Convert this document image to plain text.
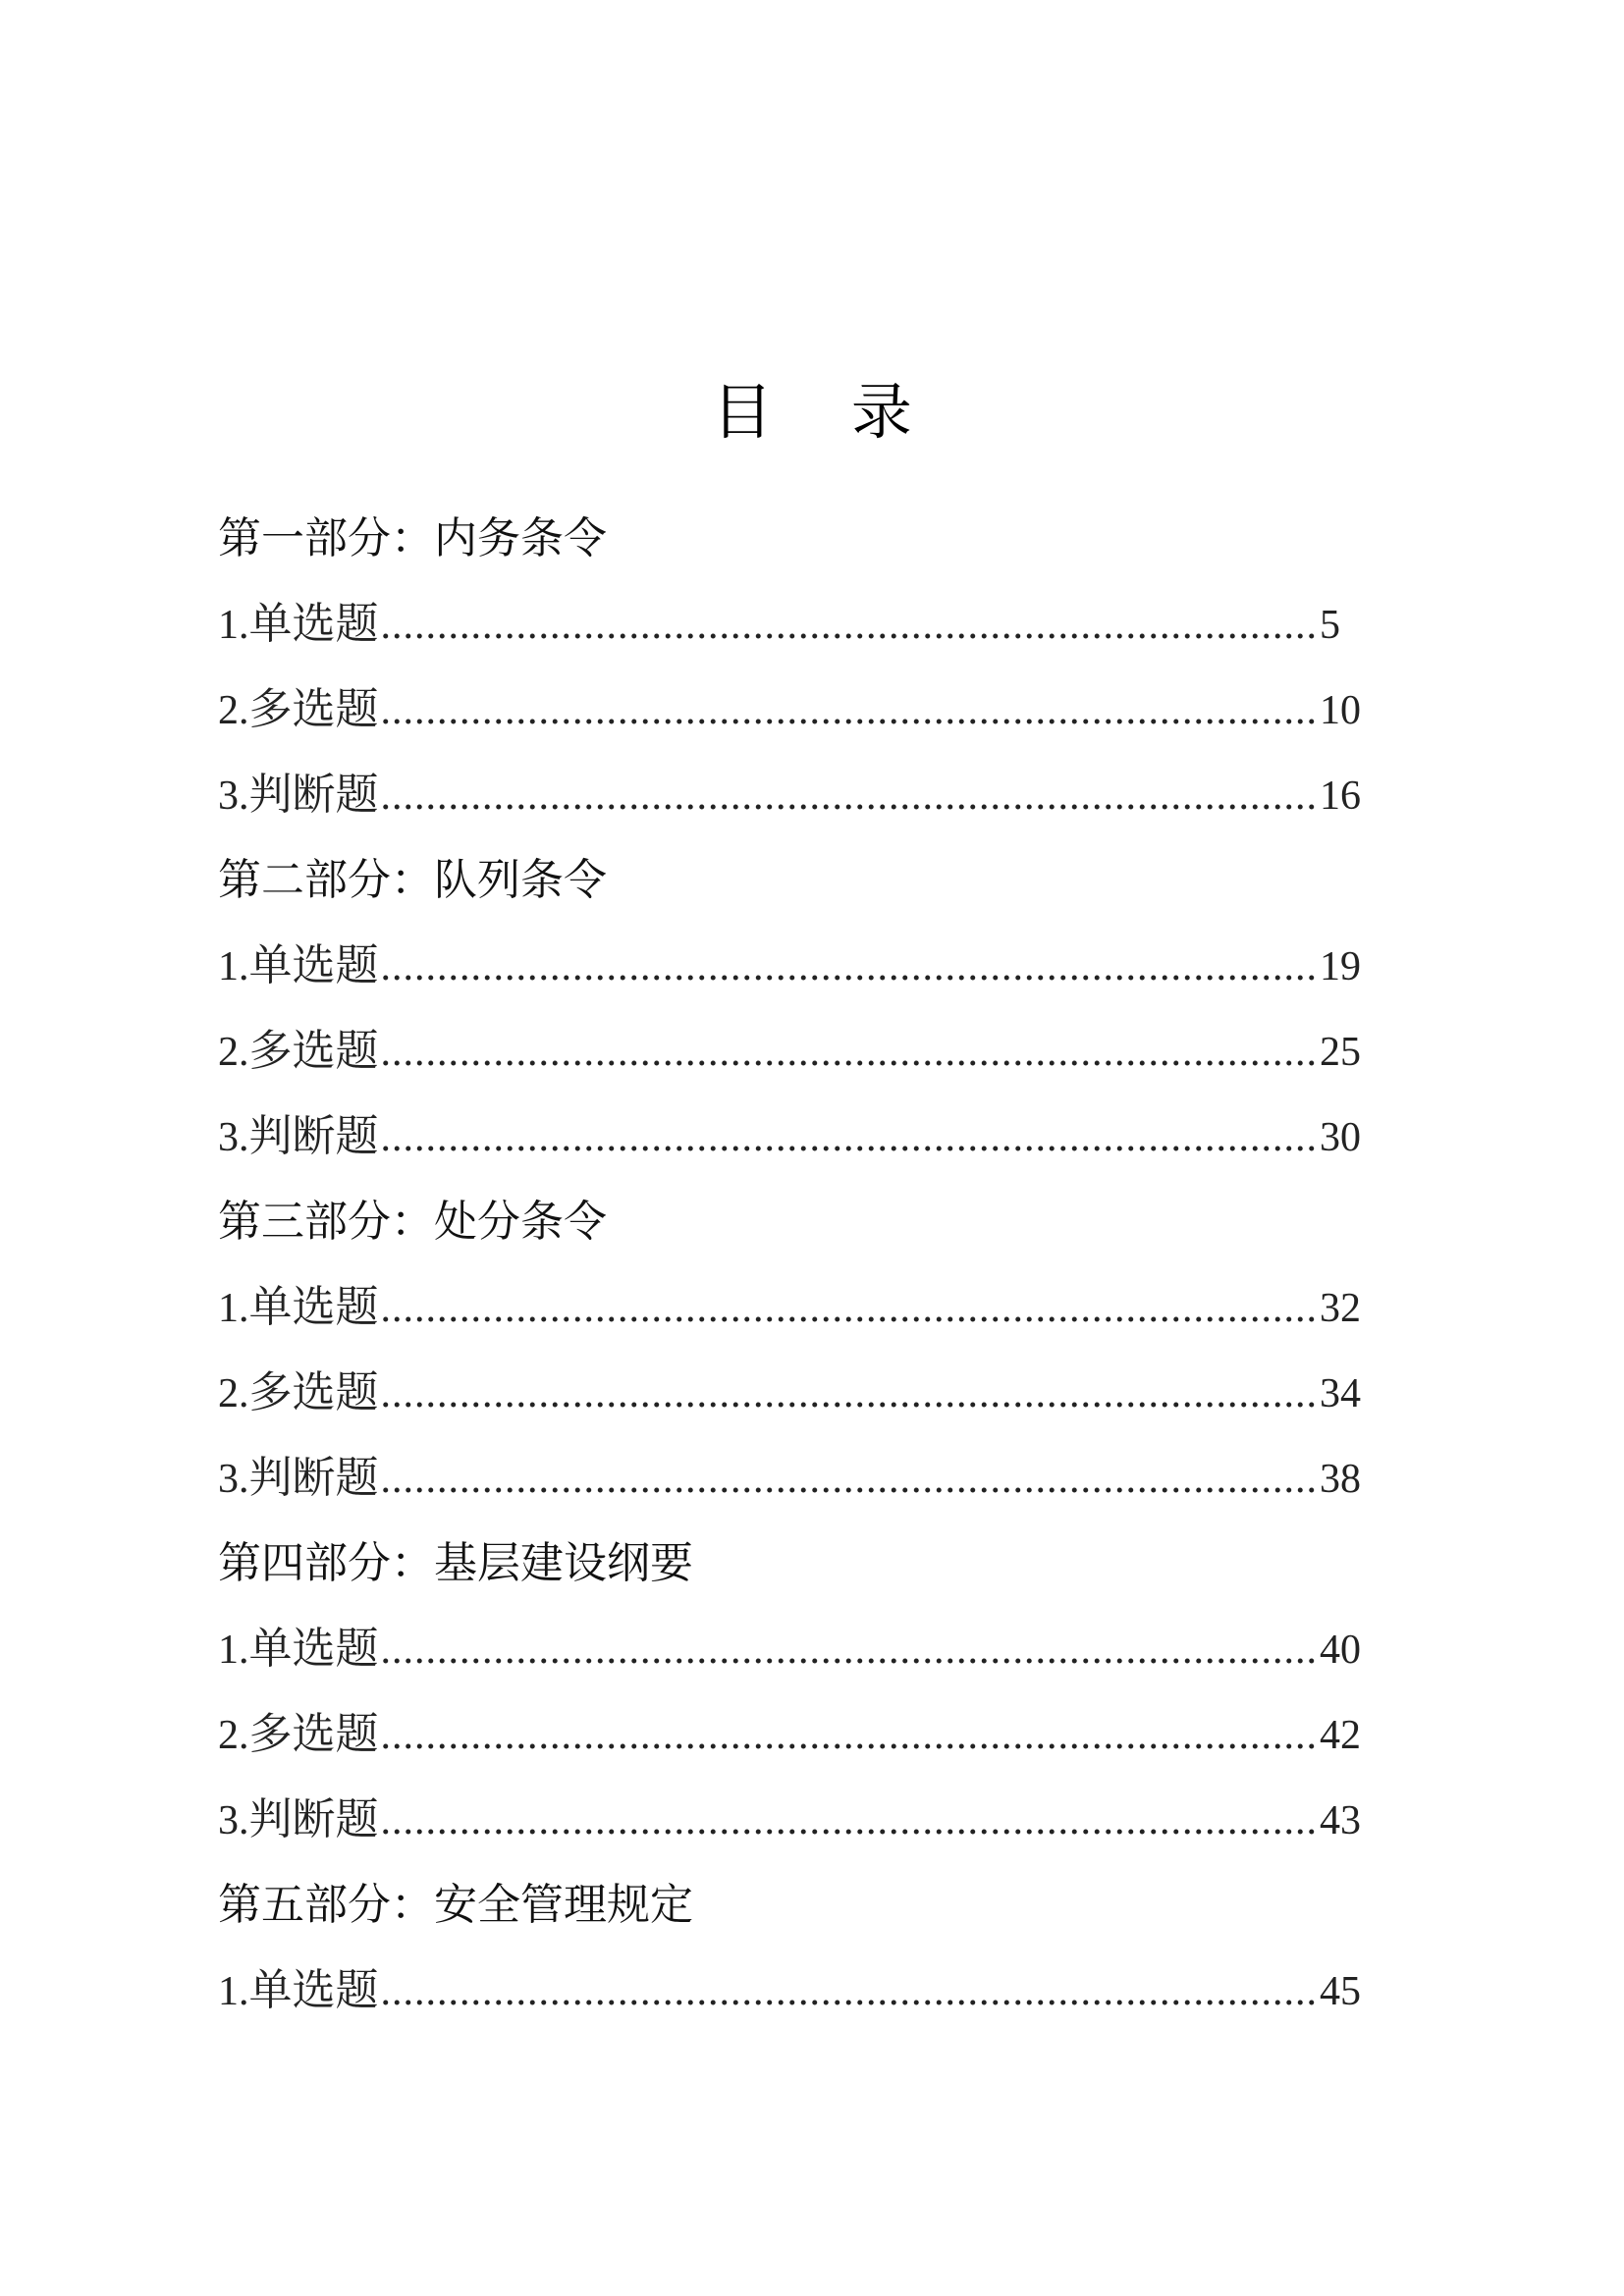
目 录
第一部分：内务条令
1. 单选题 .....	5
2. 多选题 .....	10
3. 判断题 .....	16
第二部分：队列条令
1. 单选题 .....	19
2. 多选题 .....	25
3. 判断题 .....	30
第三部分：处分条令
1. 单选题 .....	32
2. 多选题 .....	34
3. 判断题 .....	38
第四部分：基层建设纲要
1. 单选题 .....	40
2. 多选题 .....	42
3. 判断题 .....	43
第五部分：安全管理规定
1. 单选题 .....	45
